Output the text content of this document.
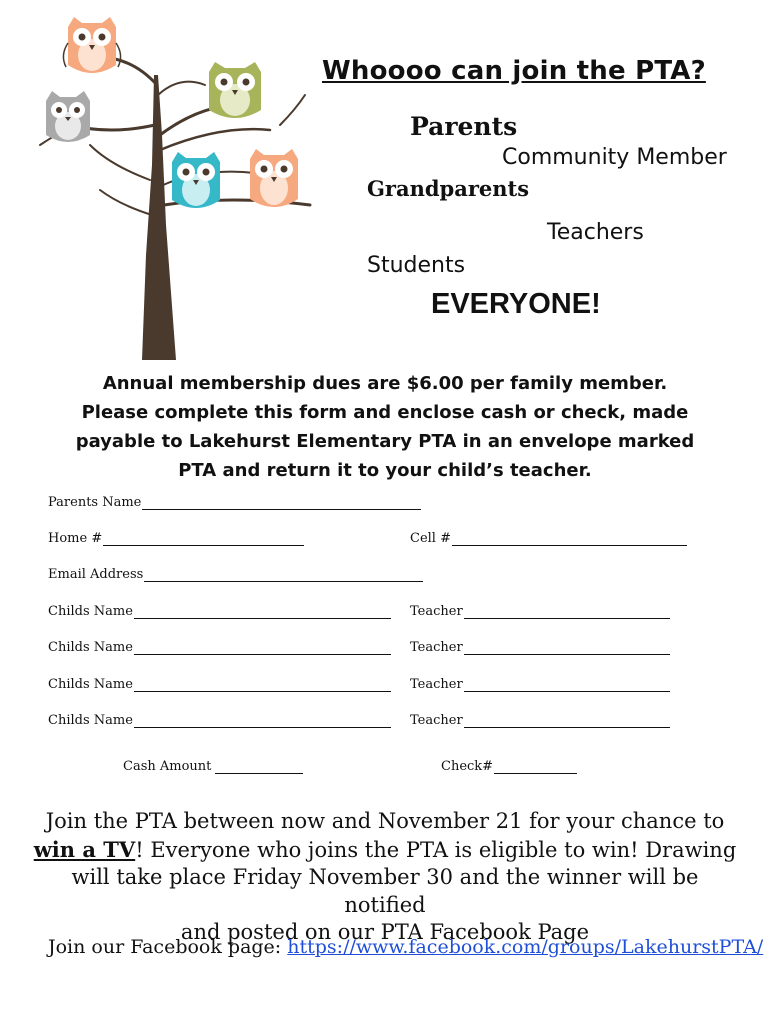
Whoooo can join the PTA?
Parents
Community Member
Grandparents
Teachers
Students
EVERYONE!
Annual membership dues are $6.00 per family member.
Please complete this form and enclose cash or check, made
payable to Lakehurst Elementary PTA in an envelope marked
PTA and return it to your child’s teacher.
Parents Name
Home #	Cell #
Email Address
Childs Name	Teacher
Childs Name	Teacher
Childs Name	Teacher
Childs Name	Teacher
Cash Amount	Check#
Join the PTA between now and November 21 for your chance to
win a TV! Everyone who joins the PTA is eligible to win! Drawing
will take place Friday November 30 and the winner will be notified
and posted on our PTA Facebook Page
Join our Facebook page: https://www.facebook.com/groups/LakehurstPTA/
